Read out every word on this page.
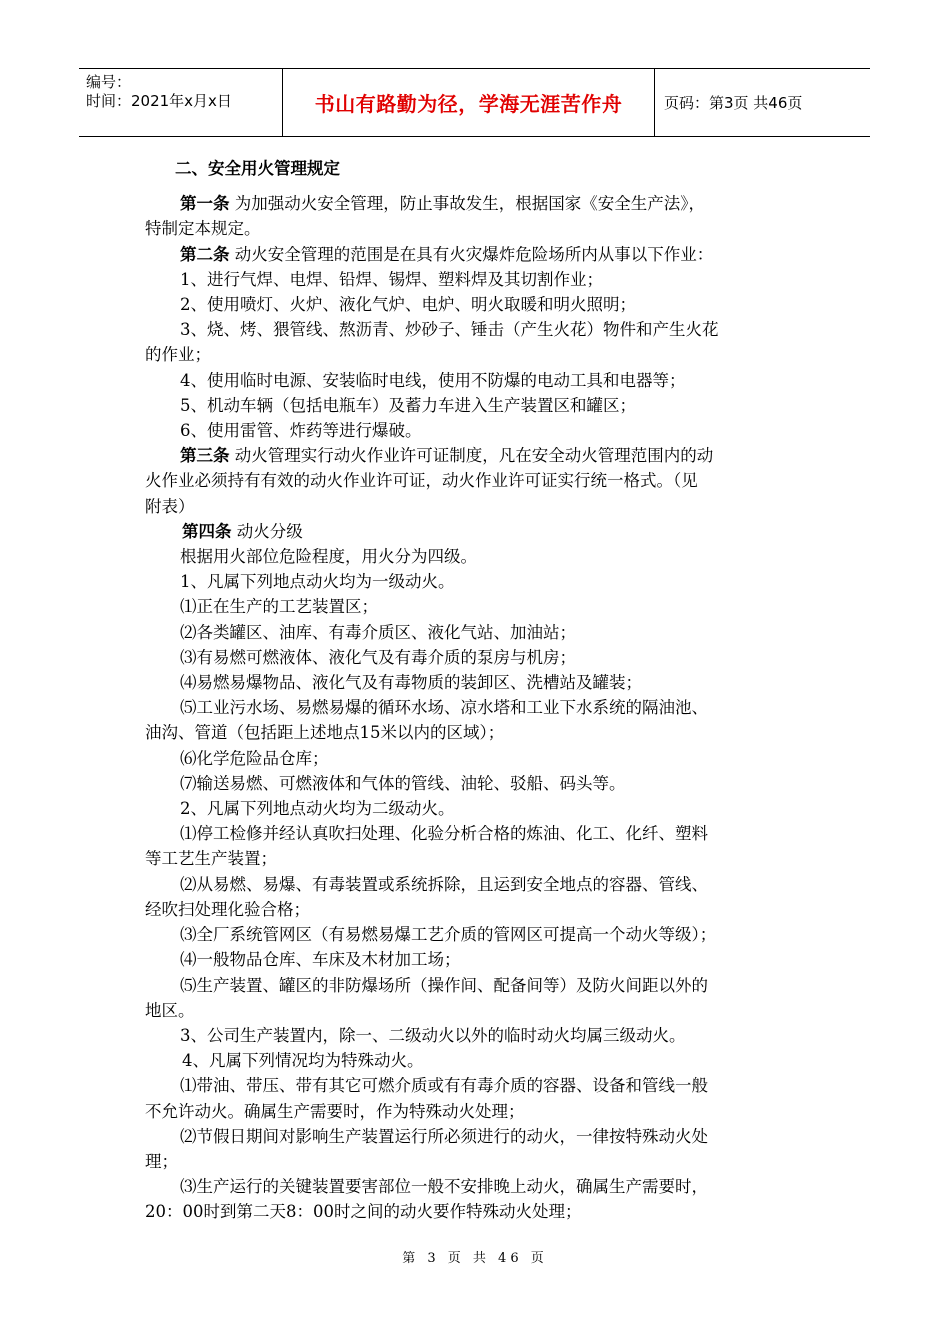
编号：
时间：2021年x月x日	书山有路勤为径，学海无涯苦作舟	页码：第3页 共46页

二、安全用火管理规定

第一条 为加强动火安全管理，防止事故发生，根据国家《安全生产法》，

特制定本规定。

第二条 动火安全管理的范围是在具有火灾爆炸危险场所内从事以下作业：

1、进行气焊、电焊、铅焊、锡焊、塑料焊及其切割作业；

2、使用喷灯、火炉、液化气炉、电炉、明火取暖和明火照明；

3、烧、烤、猥管线、熬沥青、炒砂子、锤击（产生火花）物件和产生火花

的作业；

4、使用临时电源、安装临时电线，使用不防爆的电动工具和电器等；

5、机动车辆（包括电瓶车）及蓄力车进入生产装置区和罐区；

6、使用雷管、炸药等进行爆破。

第三条 动火管理实行动火作业许可证制度，凡在安全动火管理范围内的动

火作业必须持有有效的动火作业许可证，动火作业许可证实行统一格式。（见

附表）

第四条 动火分级

根据用火部位危险程度，用火分为四级。

1、凡属下列地点动火均为一级动火。

⑴正在生产的工艺装置区；

⑵各类罐区、油库、有毒介质区、液化气站、加油站；

⑶有易燃可燃液体、液化气及有毒介质的泵房与机房；

⑷易燃易爆物品、液化气及有毒物质的装卸区、洗槽站及罐装；

⑸工业污水场、易燃易爆的循环水场、凉水塔和工业下水系统的隔油池、

油沟、管道（包括距上述地点15米以内的区域）；

⑹化学危险品仓库；

⑺输送易燃、可燃液体和气体的管线、油轮、驳船、码头等。

2、凡属下列地点动火均为二级动火。

⑴停工检修并经认真吹扫处理、化验分析合格的炼油、化工、化纤、塑料

等工艺生产装置；

⑵从易燃、易爆、有毒装置或系统拆除，且运到安全地点的容器、管线、

经吹扫处理化验合格；

⑶全厂系统管网区（有易燃易爆工艺介质的管网区可提高一个动火等级）；

⑷一般物品仓库、车床及木材加工场；

⑸生产装置、罐区的非防爆场所（操作间、配备间等）及防火间距以外的

地区。

3、公司生产装置内，除一、二级动火以外的临时动火均属三级动火。

4、凡属下列情况均为特殊动火。

⑴带油、带压、带有其它可燃介质或有有毒介质的容器、设备和管线一般

不允许动火。确属生产需要时，作为特殊动火处理；

⑵节假日期间对影响生产装置运行所必须进行的动火，一律按特殊动火处

理；

⑶生产运行的关键装置要害部位一般不安排晚上动火，确属生产需要时，

20：00时到第二天8：00时之间的动火要作特殊动火处理；

第 3 页 共 46 页
